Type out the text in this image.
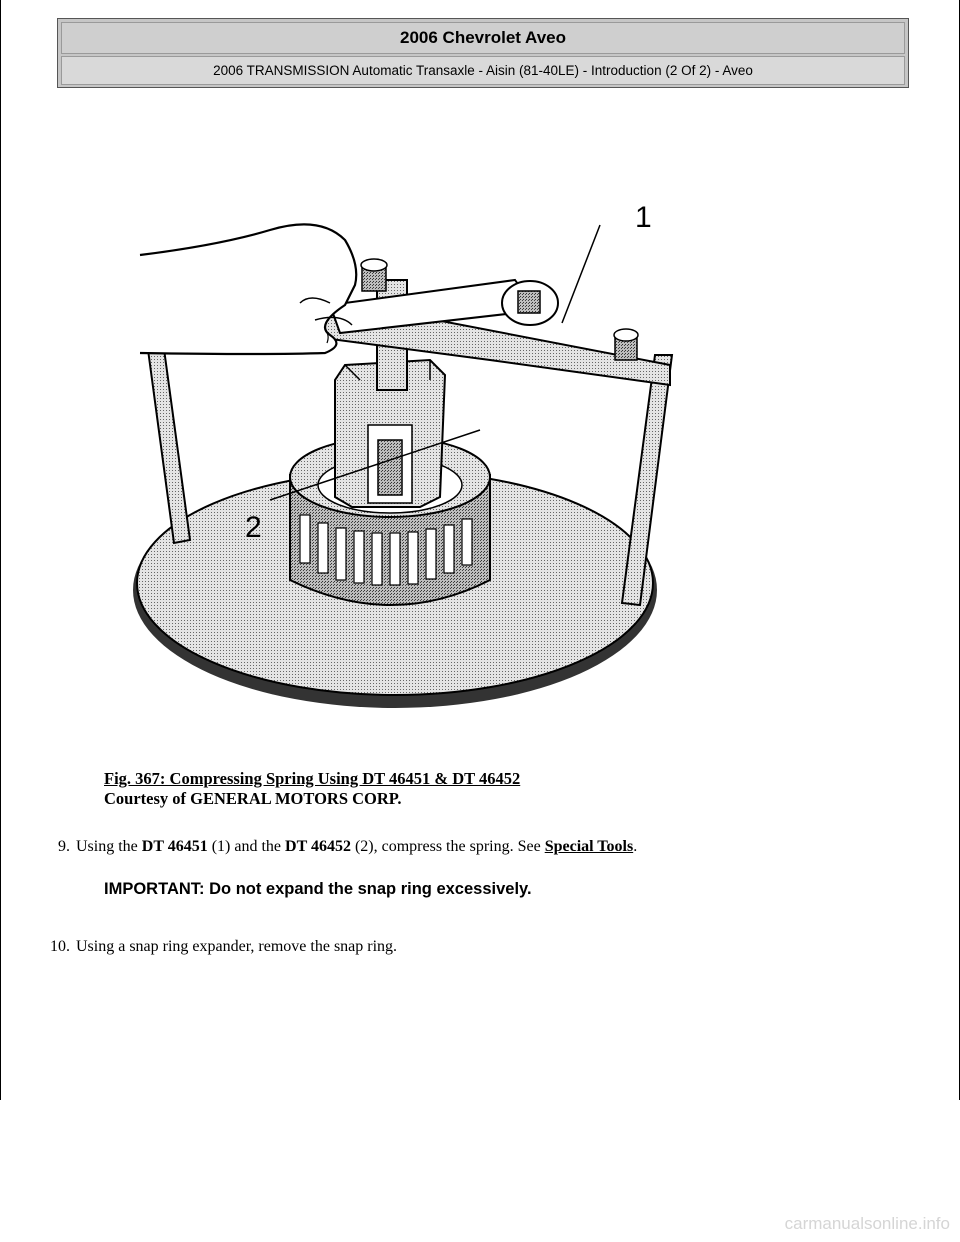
2006 Chevrolet Aveo
2006 TRANSMISSION Automatic Transaxle - Aisin (81-40LE) - Introduction (2 Of 2) - Aveo
1
2
Fig. 367: Compressing Spring Using DT 46451 & DT 46452
Courtesy of GENERAL MOTORS CORP.
9. Using the DT 46451 (1) and the DT 46452 (2), compress the spring. See Special Tools.
IMPORTANT: Do not expand the snap ring excessively.
10. Using a snap ring expander, remove the snap ring.
carmanualsonline.info
